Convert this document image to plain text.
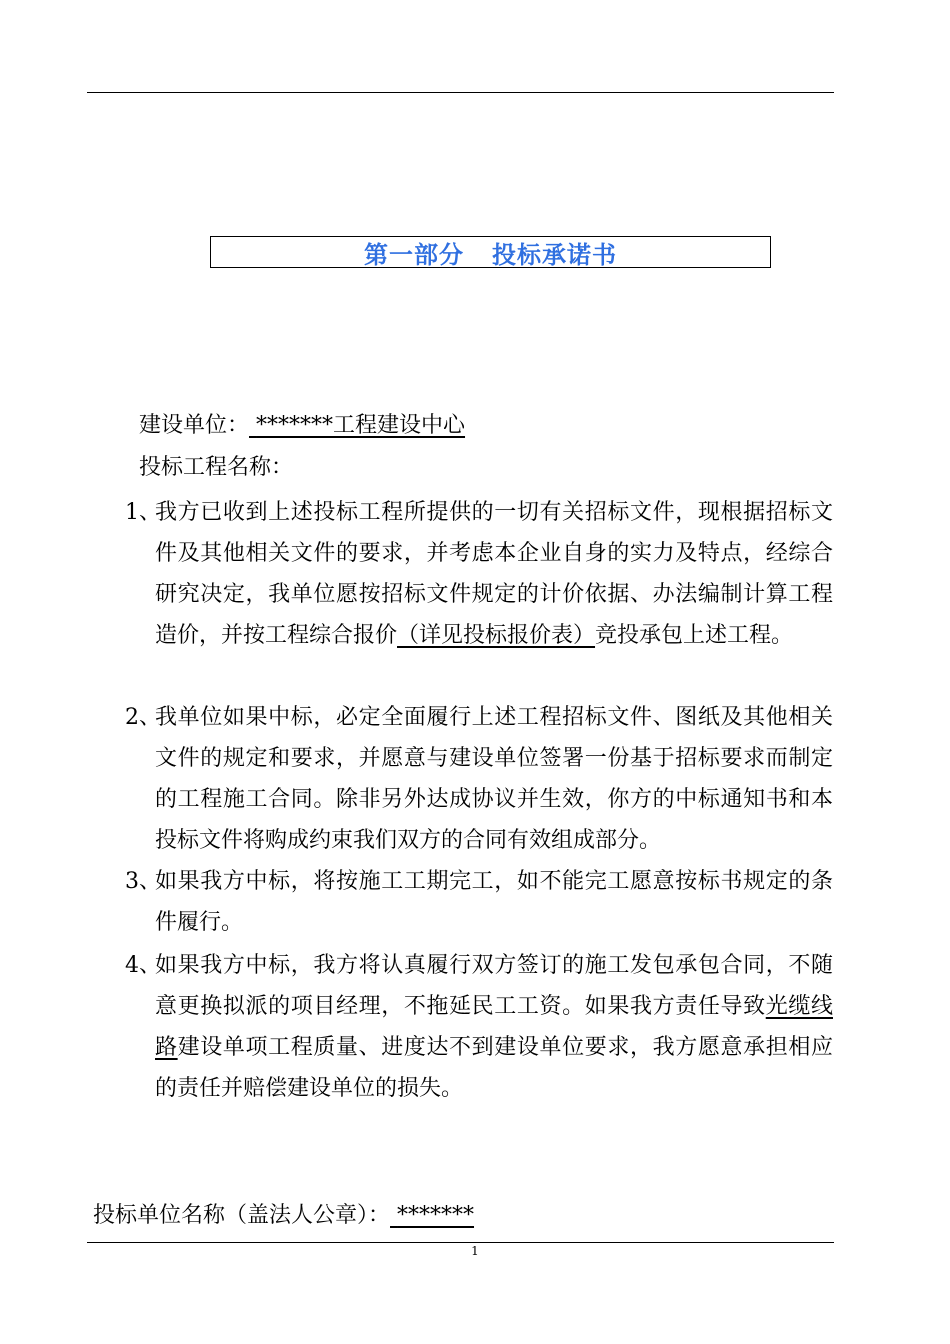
第一部分   投标承诺书
建设单位： *******工程建设中心
投标工程名称：
1、
我方已收到上述投标工程所提供的一切有关招标文件，现根据招标文件及其他相关文件的要求，并考虑本企业自身的实力及特点，经综合研究决定，我单位愿按招标文件规定的计价依据、办法编制计算工程造价，并按工程综合报价（详见投标报价表）竞投承包上述工程。
2、
我单位如果中标，必定全面履行上述工程招标文件、图纸及其他相关文件的规定和要求，并愿意与建设单位签署一份基于招标要求而制定的工程施工合同。除非另外达成协议并生效，你方的中标通知书和本投标文件将购成约束我们双方的合同有效组成部分。
3、
如果我方中标，将按施工工期完工，如不能完工愿意按标书规定的条件履行。
4、
如果我方中标，我方将认真履行双方签订的施工发包承包合同，不随意更换拟派的项目经理，不拖延民工工资。如果我方责任导致光缆线路建设单项工程质量、进度达不到建设单位要求，我方愿意承担相应的责任并赔偿建设单位的损失。
投标单位名称（盖法人公章）： *******
1
